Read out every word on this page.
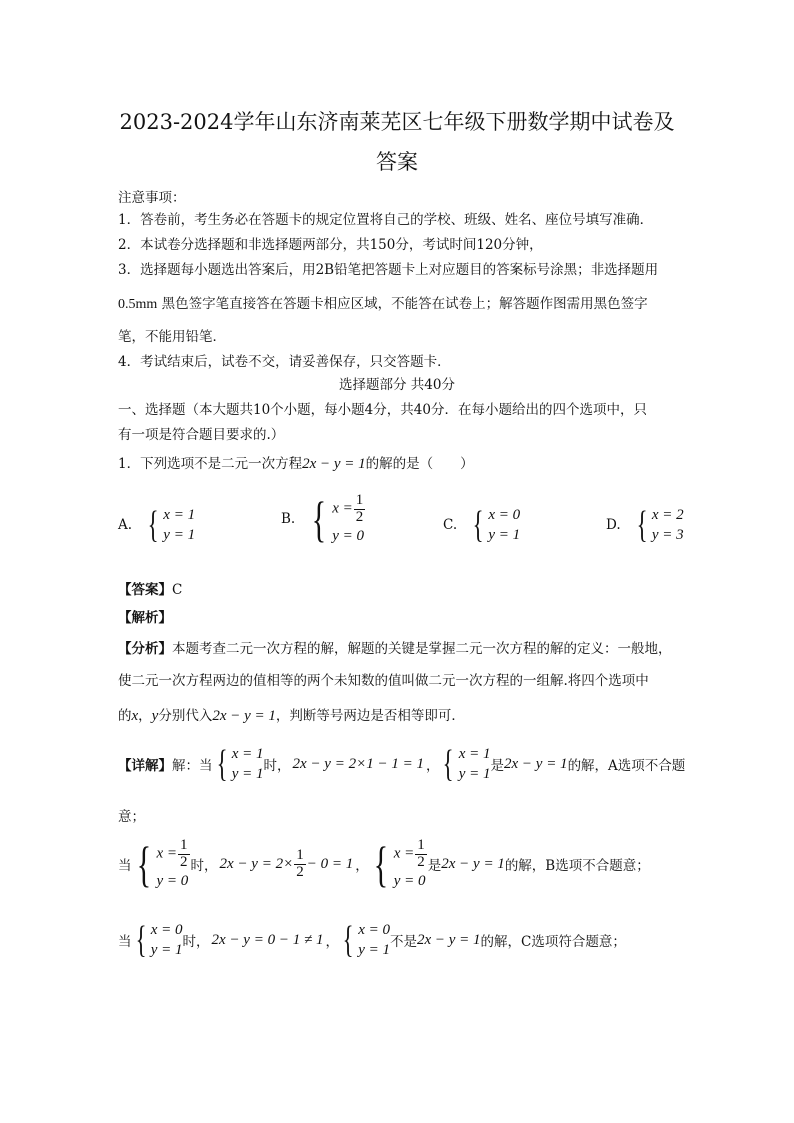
2023-2024学年山东济南莱芜区七年级下册数学期中试卷及
答案
注意事项：
1．答卷前，考生务必在答题卡的规定位置将自己的学校、班级、姓名、座位号填写准确．
2．本试卷分选择题和非选择题两部分，共150分，考试时间120分钟，
3．选择题每小题选出答案后，用2B铅笔把答题卡上对应题目的答案标号涂黑；非选择题用
0.5mm 黑色签字笔直接答在答题卡相应区域，不能答在试卷上；解答题作图需用黑色签字
笔，不能用铅笔．
4．考试结束后，试卷不交，请妥善保存，只交答题卡．
选择题部分 共40分
一、选择题（本大题共10个小题，每小题4分，共40分．在每小题给出的四个选项中，只
有一项是符合题目要求的.）
1．下列选项不是二元一次方程2x − y = 1的解的是（　　）
A. { x = 1
y = 1
B. { $x = \frac{1}{2}$
y = 0
C. { x = 0
y = 1
D. { x = 2
y = 3
【答案】C
【解析】
【分析】本题考查二元一次方程的解，解题的关键是掌握二元一次方程的解的定义：一般地，
使二元一次方程两边的值相等的两个未知数的值叫做二元一次方程的一组解.将四个选项中
的x，y分别代入2x − y = 1，判断等号两边是否相等即可．
【详解】 解：当 { x = 1
y = 1 时， 2x − y = 2×1 − 1 = 1 ， { x = 1
y = 1 是 2x − y = 1 的解，A选项不合题
意；
当 { $x = \frac{1}{2}$
y = 0
时， $2x - y = 2\times \frac{1}{2} - 0 = 1$ ， { $x = \frac{1}{2}$
y = 0
是 2x − y = 1 的解，B选项不合题意；
当 { x = 0
y = 1 时， 2x − y = 0 − 1 ≠ 1 ， { x = 0
y = 1 不是 2x − y = 1 的解，C选项符合题意；
